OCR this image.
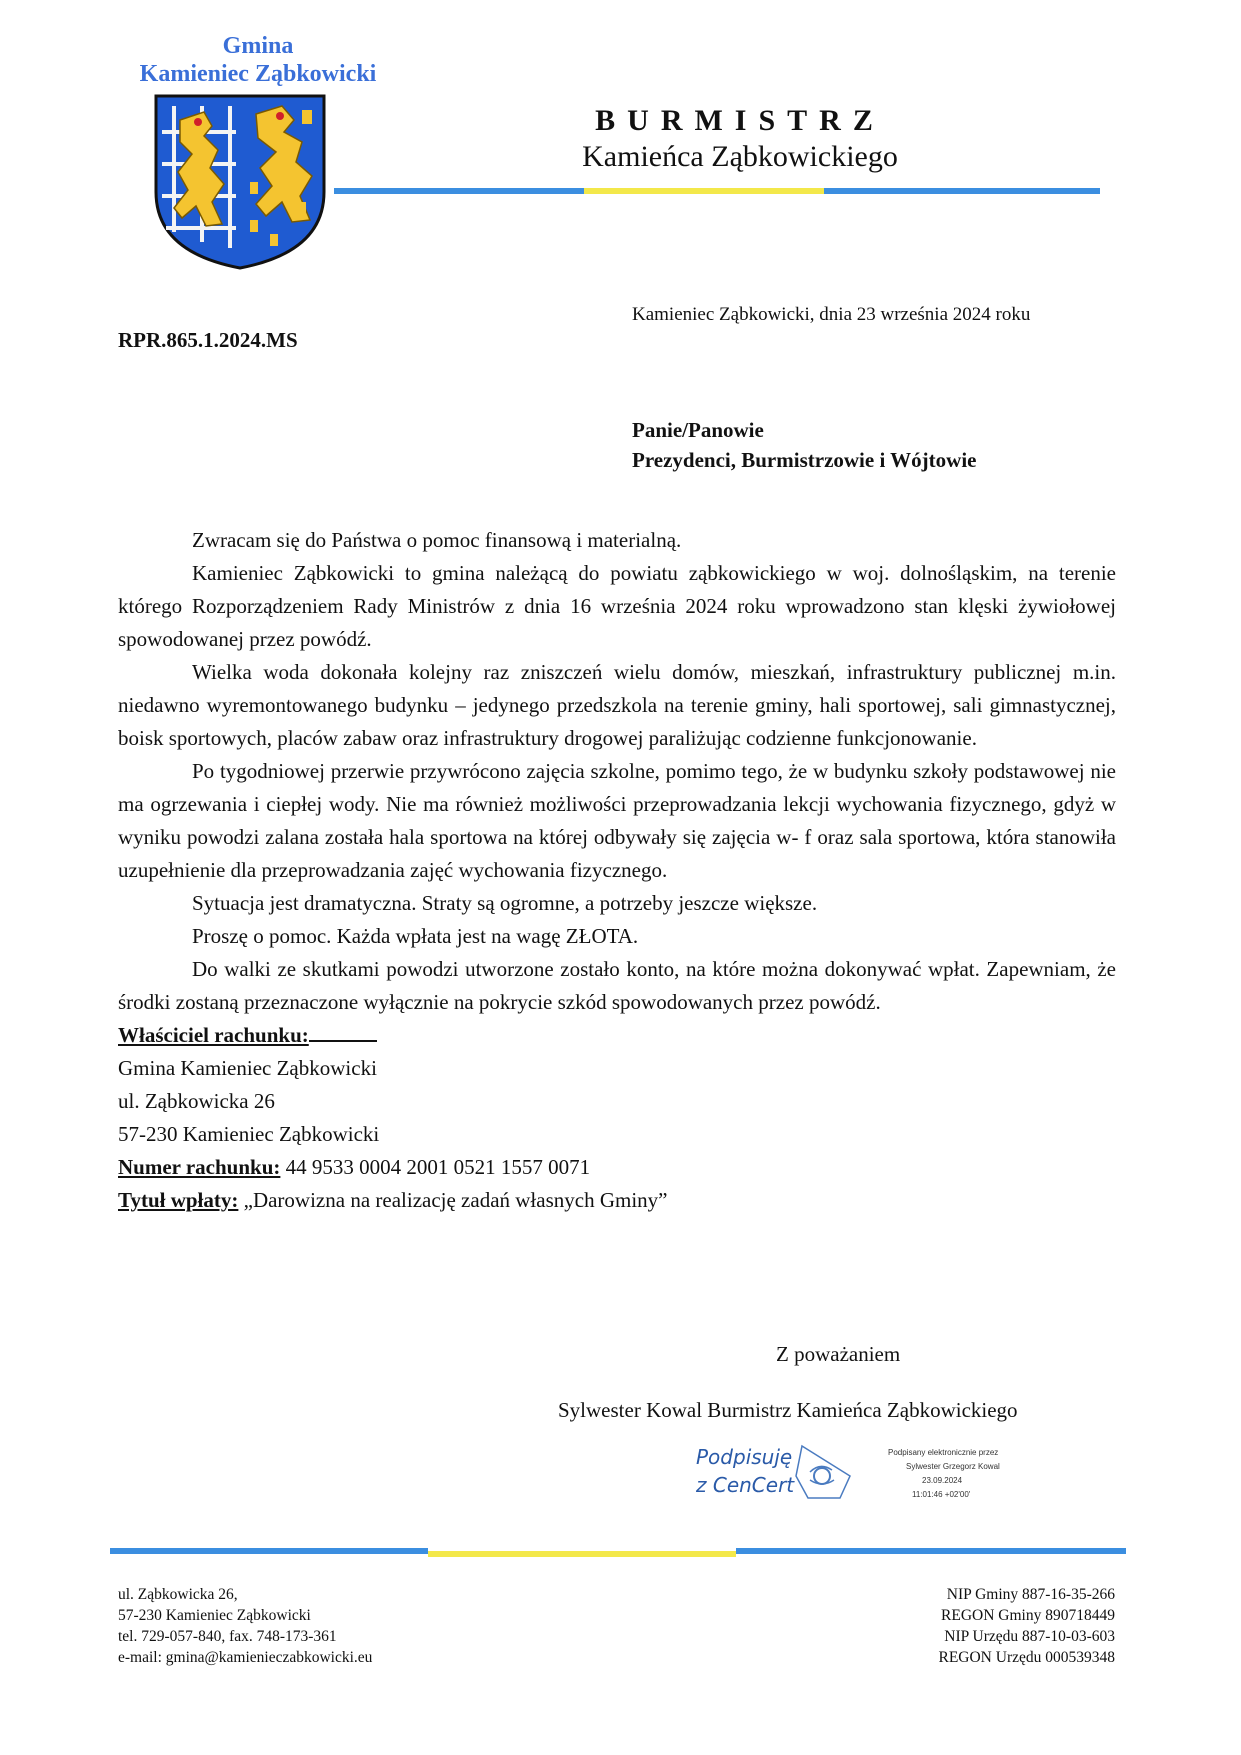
Gmina
Kamieniec Ząbkowicki
BURMISTRZ
Kamieńca Ząbkowickiego
Kamieniec Ząbkowicki, dnia 23 września 2024 roku
RPR.865.1.2024.MS
Panie/Panowie
Prezydenci, Burmistrzowie i Wójtowie

Zwracam się do Państwa o pomoc finansową i materialną.

Kamieniec Ząbkowicki to gmina należącą do powiatu ząbkowickiego w woj. dolnośląskim, na terenie którego Rozporządzeniem Rady Ministrów z dnia 16 września 2024 roku wprowadzono stan klęski żywiołowej spowodowanej przez powódź.

Wielka woda dokonała kolejny raz zniszczeń wielu domów, mieszkań, infrastruktury publicznej m.in. niedawno wyremontowanego budynku – jedynego przedszkola na terenie gminy, hali sportowej, sali gimnastycznej, boisk sportowych, placów zabaw oraz infrastruktury drogowej paraliżując codzienne funkcjonowanie.

Po tygodniowej przerwie przywrócono zajęcia szkolne, pomimo tego, że w budynku szkoły podstawowej nie ma ogrzewania i ciepłej wody. Nie ma również możliwości przeprowadzania lekcji wychowania fizycznego, gdyż w wyniku powodzi zalana została hala sportowa na której odbywały się zajęcia w- f oraz sala sportowa, która stanowiła uzupełnienie dla przeprowadzania zajęć wychowania fizycznego.

Sytuacja jest dramatyczna. Straty są ogromne, a potrzeby jeszcze większe.

Proszę o pomoc. Każda wpłata jest na wagę ZŁOTA.

Do walki ze skutkami powodzi utworzone zostało konto, na które można dokonywać wpłat. Zapewniam, że środki zostaną przeznaczone wyłącznie na pokrycie szkód spowodowanych przez powódź.

Właściciel rachunku:
Gmina Kamieniec Ząbkowicki
ul. Ząbkowicka 26
57-230 Kamieniec Ząbkowicki
Numer rachunku: 44 9533 0004 2001 0521 1557 0071
Tytuł wpłaty: „Darowizna na realizację zadań własnych Gminy”
Z poważaniem
Sylwester Kowal Burmistrz Kamieńca Ząbkowickiego
Podpisuję
z CenCert
Podpisany elektronicznie przez
Sylwester Grzegorz Kowal
23.09.2024
11:01:46 +02'00'
ul. Ząbkowicka 26,
57-230 Kamieniec Ząbkowicki
tel. 729-057-840, fax. 748-173-361
e-mail: gmina@kamienieczabkowicki.eu
NIP Gminy 887-16-35-266
REGON Gminy 890718449
NIP Urzędu 887-10-03-603
REGON Urzędu 000539348
